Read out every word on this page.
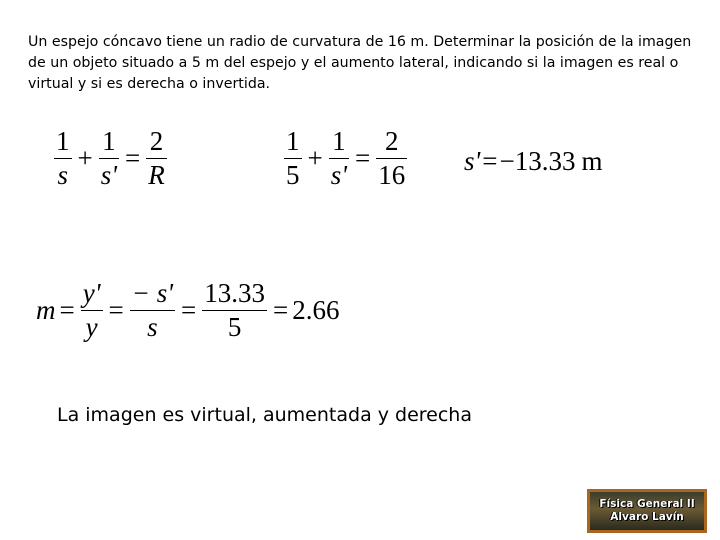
Un espejo cóncavo tiene un radio de curvatura de 16 m. Determinar la posición de la imagen de un objeto situado a 5 m del espejo y el aumento lateral, indicando si la imagen es real o virtual y si es derecha o invertida.
$\frac{1}{s} + \frac{1}{s'} = \frac{2}{R}$	$\frac{1}{5} + \frac{1}{s'} = \frac{2}{16} s' = -13.33$ m
$m = \frac{y'}{y} = \frac{- s'}{s} = \frac{13.33}{5} = 2.66$
La imagen es virtual, aumentada y derecha
Física General II
Alvaro Lavín
